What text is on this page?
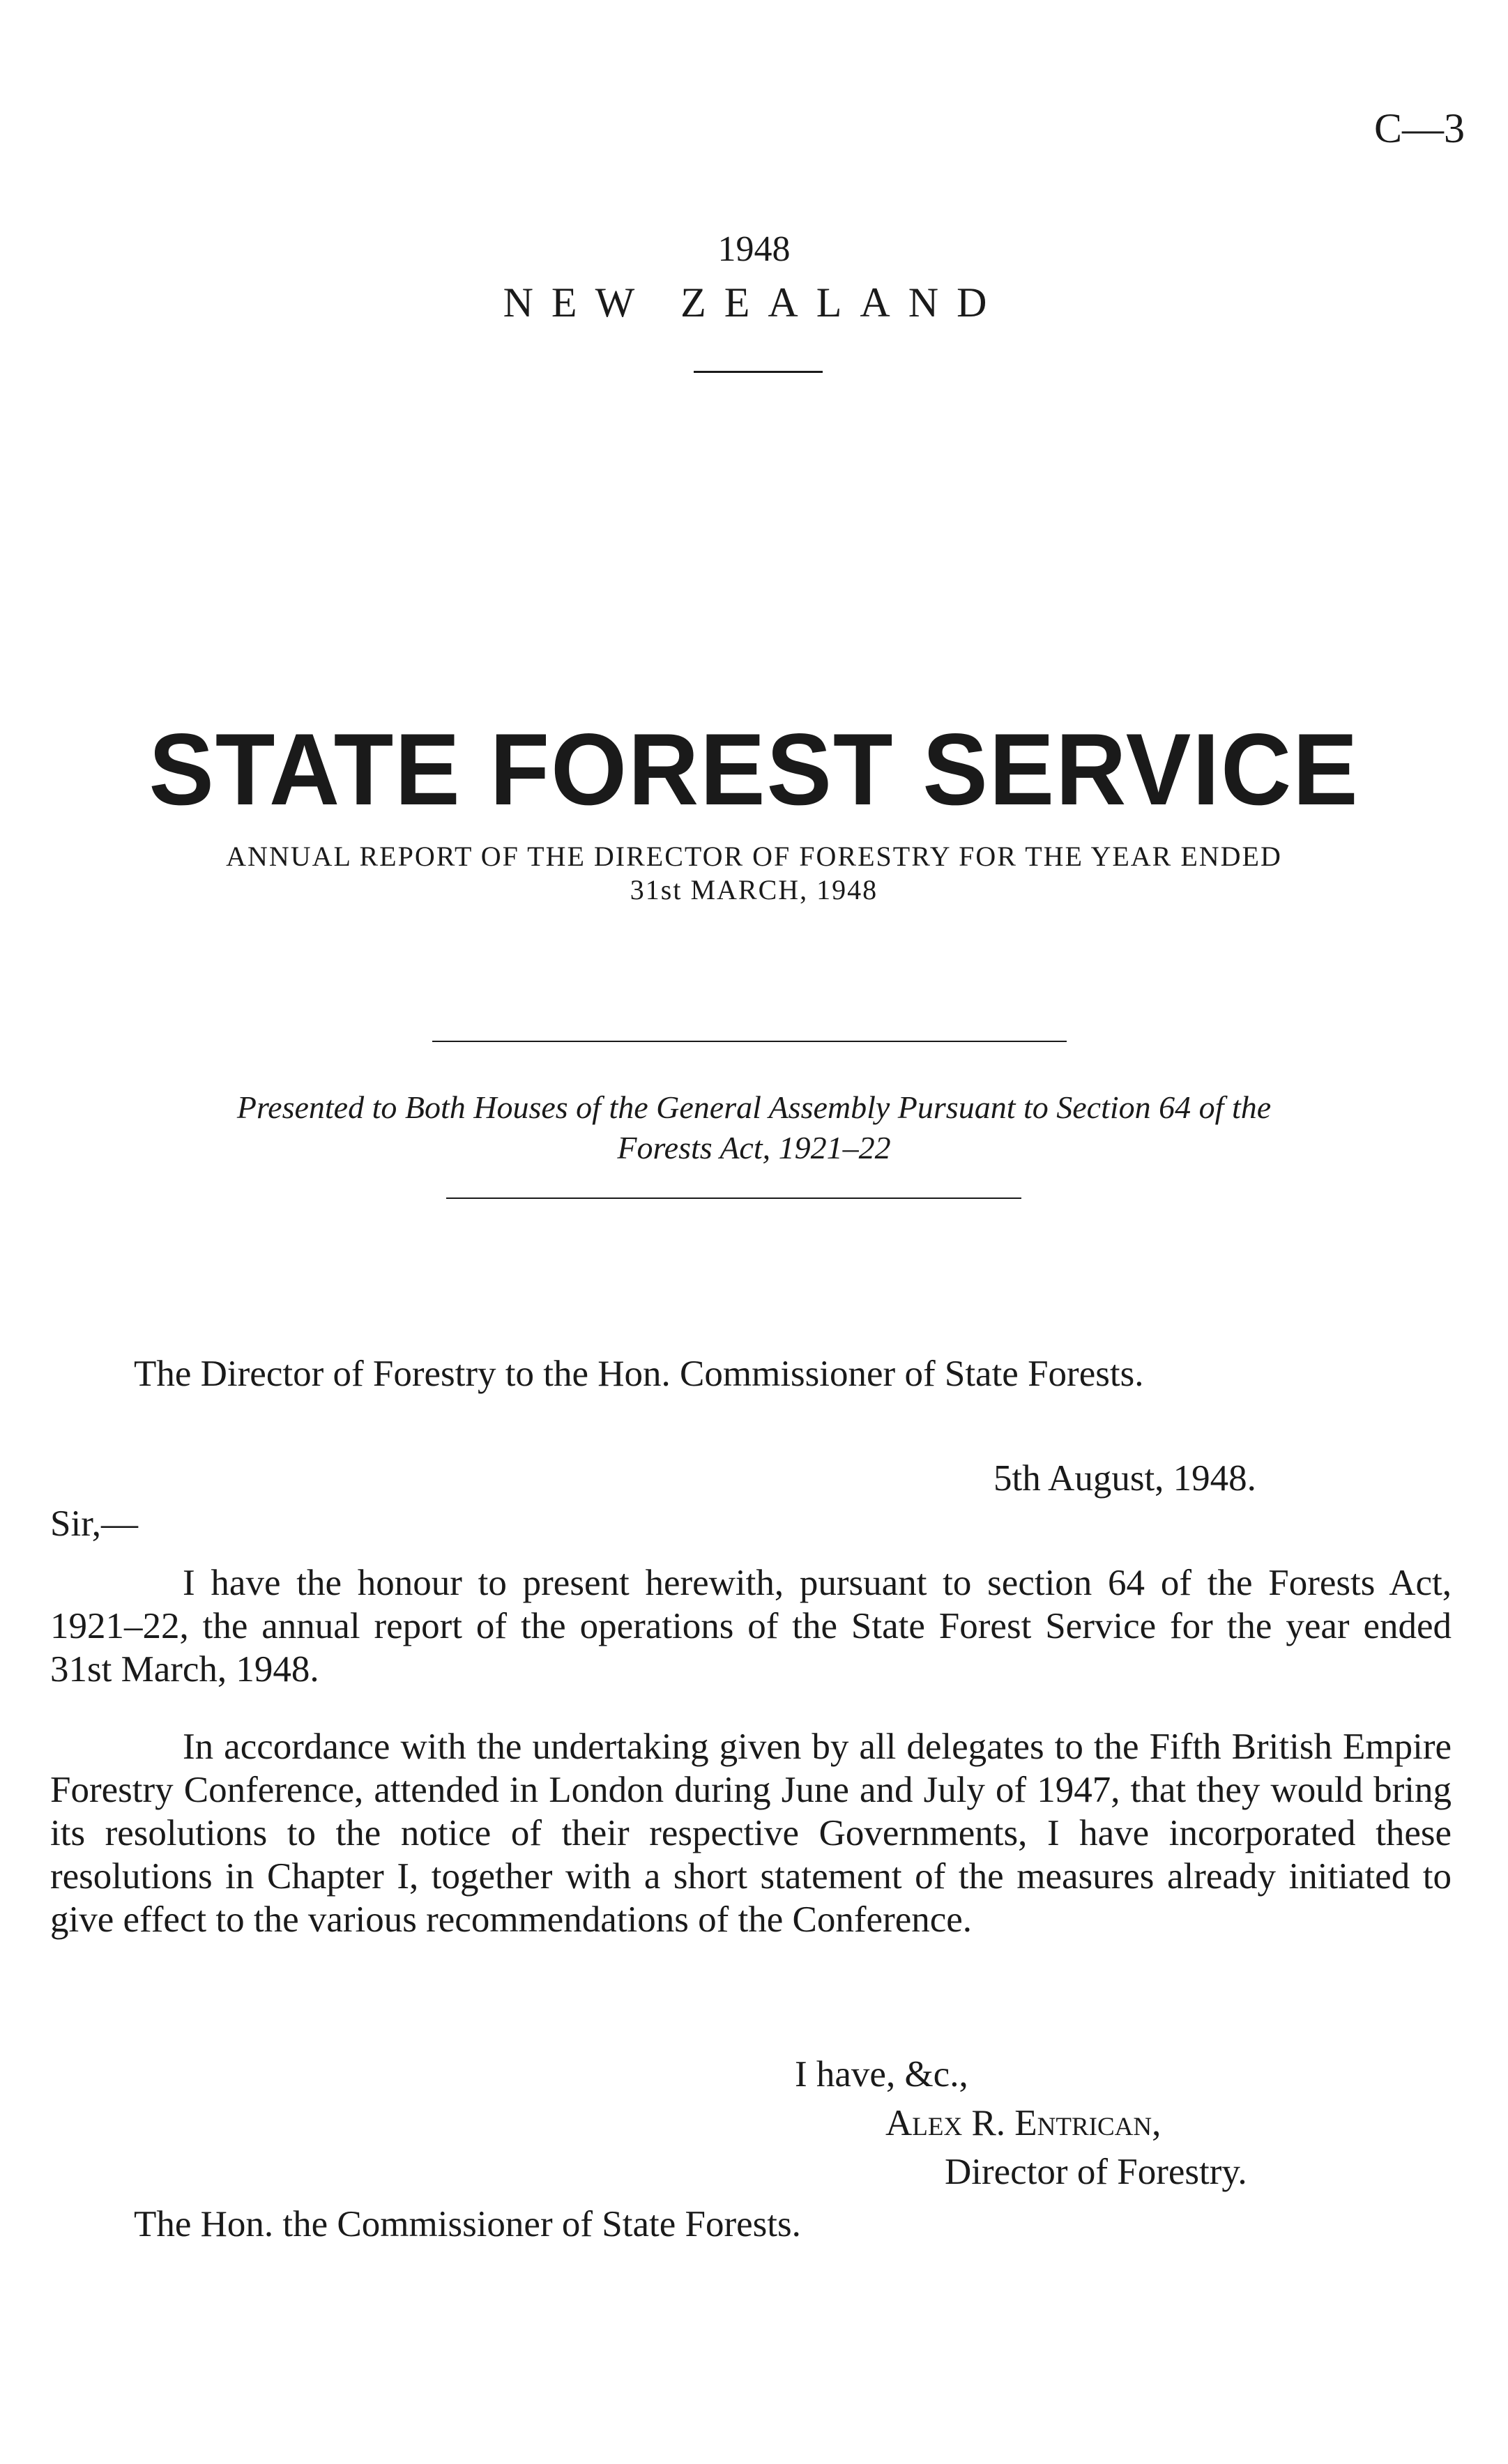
C—3
1948
NEW ZEALAND
STATE FOREST SERVICE
ANNUAL REPORT OF THE DIRECTOR OF FORESTRY FOR THE YEAR ENDED
31st MARCH, 1948
Presented to Both Houses of the General Assembly Pursuant to Section 64 of the
Forests Act, 1921–22
The Director of Forestry to the Hon. Commissioner of State Forests.
5th August, 1948.
Sir,—
I have the honour to present herewith, pursuant to section 64 of the Forests Act, 1921–22, the annual report of the operations of the State Forest Service for the year ended 31st March, 1948.
In accordance with the undertaking given by all delegates to the Fifth British Empire Forestry Conference, attended in London during June and July of 1947, that they would bring its resolutions to the notice of their respective Governments, I have incorporated these resolutions in Chapter I, together with a short statement of the measures already initiated to give effect to the various recommendations of the Conference.
I have, &c.,
Alex R. Entrican,
Director of Forestry.
The Hon. the Commissioner of State Forests.
